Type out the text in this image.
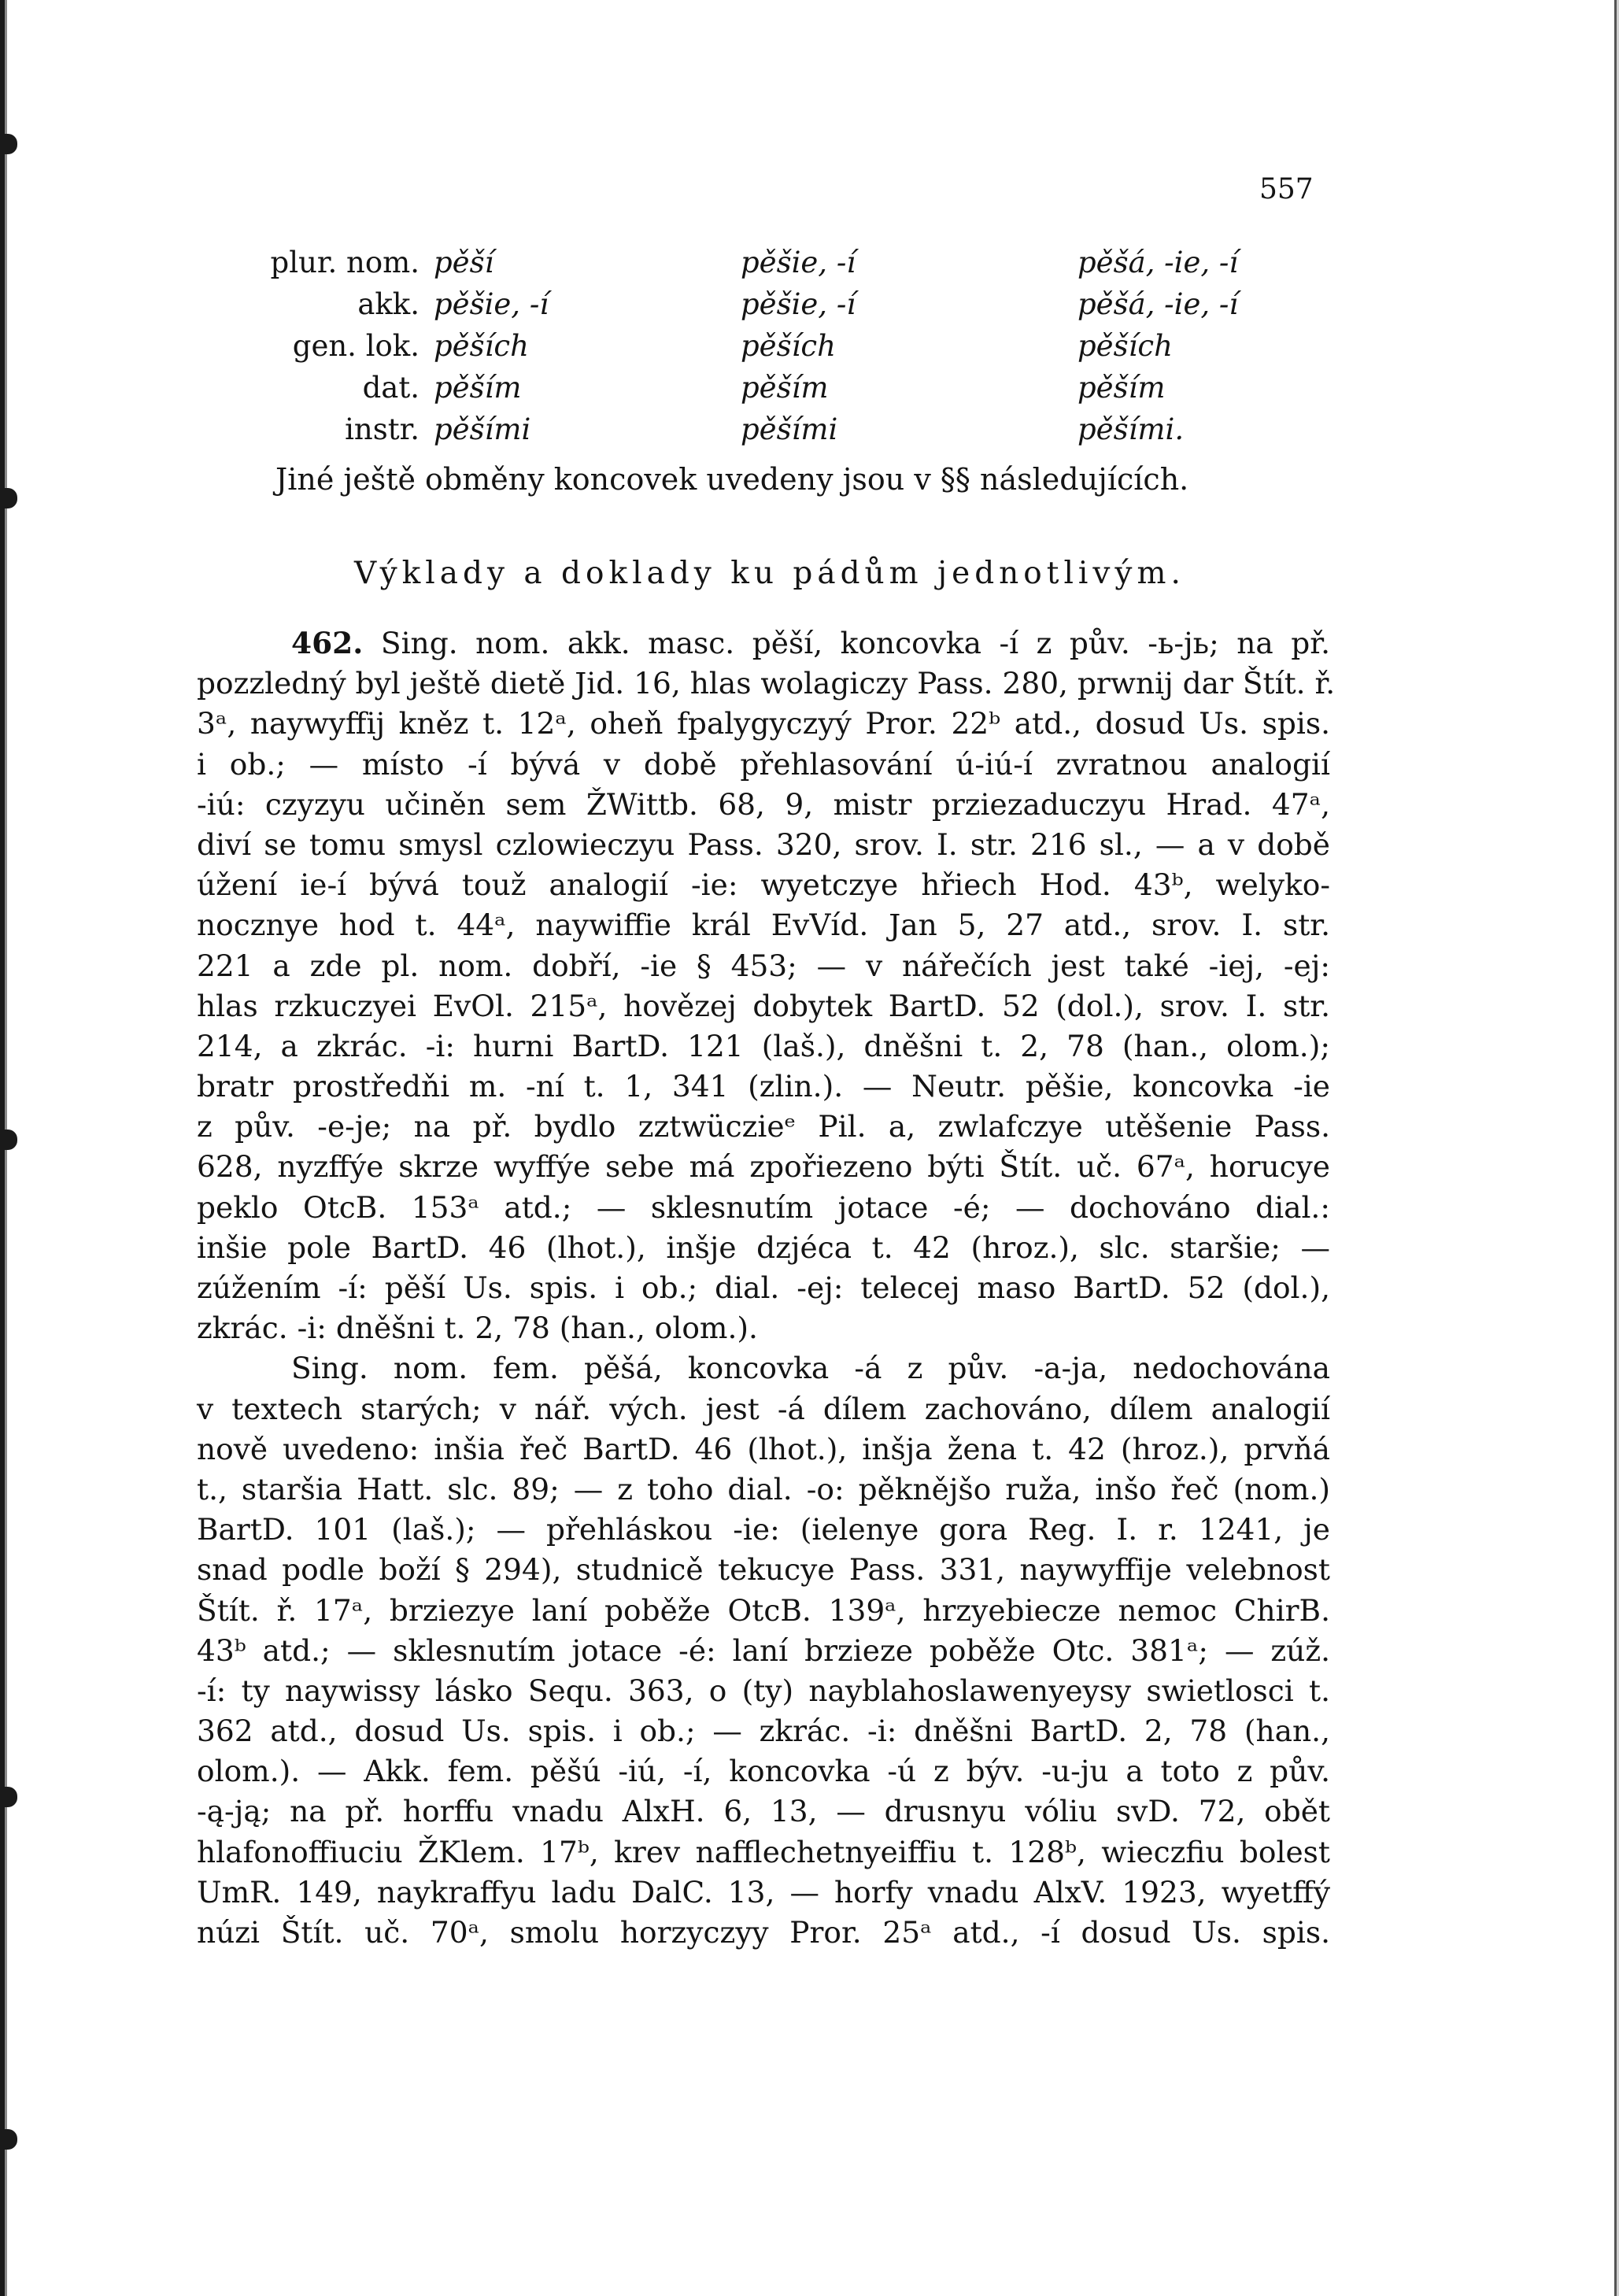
557
plur. nom.	pěší	pěšie, -í	pěšá, -ie, -í
akk.	pěšie, -í	pěšie, -í	pěšá, -ie, -í
gen. lok.	pěších	pěších	pěších
dat.	pěším	pěším	pěším
instr.	pěšími	pěšími	pěšími.
Jiné ještě obměny koncovek uvedeny jsou v §§ následujících.
Výklady a doklady ku pádům jednotlivým.
462. Sing. nom. akk. masc. pěší, koncovka -í z pův. -ь-jь; na př.
pozzledný byl ještě dietě Jid. 16, hlas wolagiczy Pass. 280, prwnij dar Štít. ř.
3ᵃ, naywyffij kněz t. 12ᵃ, oheň fpalygyczyý Pror. 22ᵇ atd., dosud Us. spis.
i ob.; — místo -í bývá v době přehlasování ú-iú-í zvratnou analogií
-iú: czyzyu učiněn sem ŽWittb. 68, 9, mistr prziezaduczyu Hrad. 47ᵃ,
diví se tomu smysl czlowieczyu Pass. 320, srov. I. str. 216 sl., — a v době
úžení ie-í bývá touž analogií -ie: wyetczye hřiech Hod. 43ᵇ, welyko-
nocznye hod t. 44ᵃ, naywiffie král EvVíd. Jan 5, 27 atd., srov. I. str.
221 a zde pl. nom. dobří, -ie § 453; — v nářečích jest také -iej, -ej:
hlas rzkuczyei EvOl. 215ᵃ, hovězej dobytek BartD. 52 (dol.), srov. I. str.
214, a zkrác. -i: hurni BartD. 121 (laš.), dněšni t. 2, 78 (han., olom.);
bratr prostředňi m. -ní t. 1, 341 (zlin.). — Neutr. pěšie, koncovka -ie
z pův. -e-je; na př. bydlo zztwüczieᵉ Pil. a, zwlafczye utěšenie Pass.
628, nyzffýe skrze wyffýe sebe má zpořiezeno býti Štít. uč. 67ᵃ, horucye
peklo OtcB. 153ᵃ atd.; — sklesnutím jotace -é; — dochováno dial.:
inšie pole BartD. 46 (lhot.), inšje dzjéca t. 42 (hroz.), slc. staršie; —
zúžením -í: pěší Us. spis. i ob.; dial. -ej: telecej maso BartD. 52 (dol.),
zkrác. -i: dněšni t. 2, 78 (han., olom.).
Sing. nom. fem. pěšá, koncovka -á z pův. -a-ja, nedochována
v textech starých; v nář. vých. jest -á dílem zachováno, dílem analogií
nově uvedeno: inšia řeč BartD. 46 (lhot.), inšja žena t. 42 (hroz.), prvňá
t., staršia Hatt. slc. 89; — z toho dial. -o: pěknějšo ruža, inšo řeč (nom.)
BartD. 101 (laš.); — přehláskou -ie: (ielenye gora Reg. I. r. 1241, je
snad podle boží § 294), studnicě tekucye Pass. 331, naywyffije velebnost
Štít. ř. 17ᵃ, brziezye laní poběže OtcB. 139ᵃ, hrzyebiecze nemoc ChirB.
43ᵇ atd.; — sklesnutím jotace -é: laní brzieze poběže Otc. 381ᵃ; — zúž.
-í: ty naywissy lásko Sequ. 363, o (ty) nayblahoslawenyeysy swietlosci t.
362 atd., dosud Us. spis. i ob.; — zkrác. -i: dněšni BartD. 2, 78 (han.,
olom.). — Akk. fem. pěšú -iú, -í, koncovka -ú z býv. -u-ju a toto z pův.
-ą-ją; na př. horffu vnadu AlxH. 6, 13, — drusnyu vóliu svD. 72, obět
hlafonoffiuciu ŽKlem. 17ᵇ, krev nafflechetnyeiffiu t. 128ᵇ, wieczfiu bolest
UmR. 149, naykraffyu ladu DalC. 13, — horfy vnadu AlxV. 1923, wyetffý
núzi Štít. uč. 70ᵃ, smolu horzyczyy Pror. 25ᵃ atd., -í dosud Us. spis.
